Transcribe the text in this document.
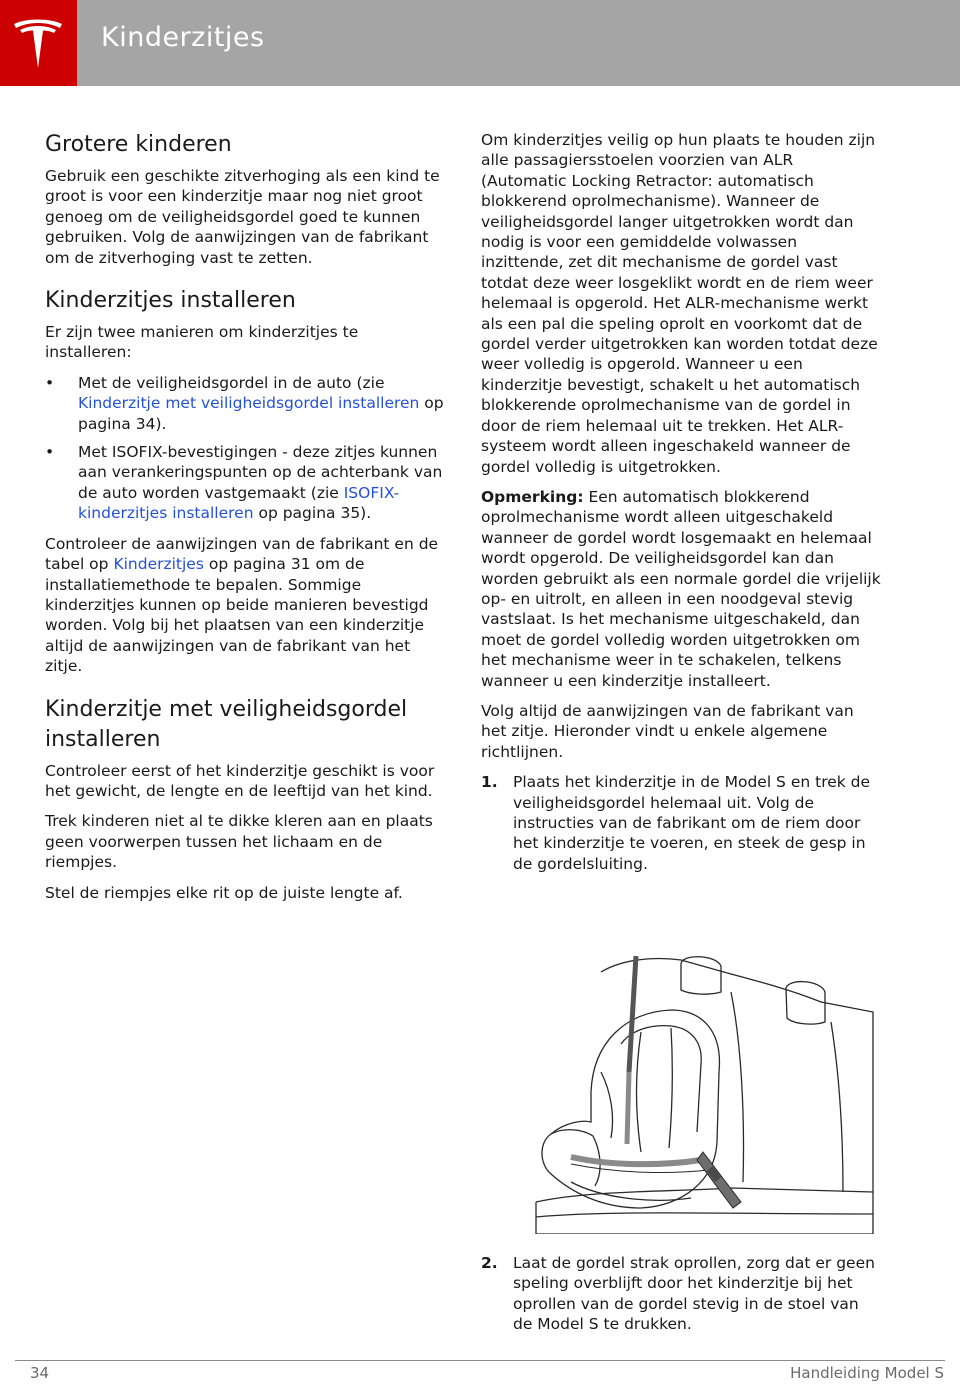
Kinderzitjes
Grotere kinderen

Gebruik een geschikte zitverhoging als een kind te groot is voor een kinderzitje maar nog niet groot genoeg om de veiligheidsgordel goed te kunnen gebruiken. Volg de aanwijzingen van de fabrikant om de zitverhoging vast te zetten.

Kinderzitjes installeren

Er zijn twee manieren om kinderzitjes te installeren:

• Met de veiligheidsgordel in de auto (zie Kinderzitje met veiligheidsgordel installeren op pagina 34).
• Met ISOFIX-bevestigingen - deze zitjes kunnen aan verankeringspunten op de achterbank van de auto worden vastgemaakt (zie ISOFIX-kinderzitjes installeren op pagina 35).

Controleer de aanwijzingen van de fabrikant en de tabel op Kinderzitjes op pagina 31 om de installatiemethode te bepalen. Sommige kinderzitjes kunnen op beide manieren bevestigd worden. Volg bij het plaatsen van een kinderzitje altijd de aanwijzingen van de fabrikant van het zitje.

Kinderzitje met veiligheidsgordel installeren

Controleer eerst of het kinderzitje geschikt is voor het gewicht, de lengte en de leeftijd van het kind.

Trek kinderen niet al te dikke kleren aan en plaats geen voorwerpen tussen het lichaam en de riempjes.

Stel de riempjes elke rit op de juiste lengte af.

Om kinderzitjes veilig op hun plaats te houden zijn alle passagiersstoelen voorzien van ALR (Automatic Locking Retractor: automatisch blokkerend oprolmechanisme). Wanneer de veiligheidsgordel langer uitgetrokken wordt dan nodig is voor een gemiddelde volwassen inzittende, zet dit mechanisme de gordel vast totdat deze weer losgeklikt wordt en de riem weer helemaal is opgerold. Het ALR-mechanisme werkt als een pal die speling oprolt en voorkomt dat de gordel verder uitgetrokken kan worden totdat deze weer volledig is opgerold. Wanneer u een kinderzitje bevestigt, schakelt u het automatisch blokkerende oprolmechanisme van de gordel in door de riem helemaal uit te trekken. Het ALR-systeem wordt alleen ingeschakeld wanneer de gordel volledig is uitgetrokken.

Opmerking: Een automatisch blokkerend oprolmechanisme wordt alleen uitgeschakeld wanneer de gordel wordt losgemaakt en helemaal wordt opgerold. De veiligheidsgordel kan dan worden gebruikt als een normale gordel die vrijelijk op- en uitrolt, en alleen in een noodgeval stevig vastslaat. Is het mechanisme uitgeschakeld, dan moet de gordel volledig worden uitgetrokken om het mechanisme weer in te schakelen, telkens wanneer u een kinderzitje installeert.

Volg altijd de aanwijzingen van de fabrikant van het zitje. Hieronder vindt u enkele algemene richtlijnen.

1. Plaats het kinderzitje in de Model S en trek de veiligheidsgordel helemaal uit. Volg de instructies van de fabrikant om de riem door het kinderzitje te voeren, en steek de gesp in de gordelsluiting.
2. Laat de gordel strak oprollen, zorg dat er geen speling overblijft door het kinderzitje bij het oprollen van de gordel stevig in de stoel van de Model S te drukken.
34	Handleiding Model S
